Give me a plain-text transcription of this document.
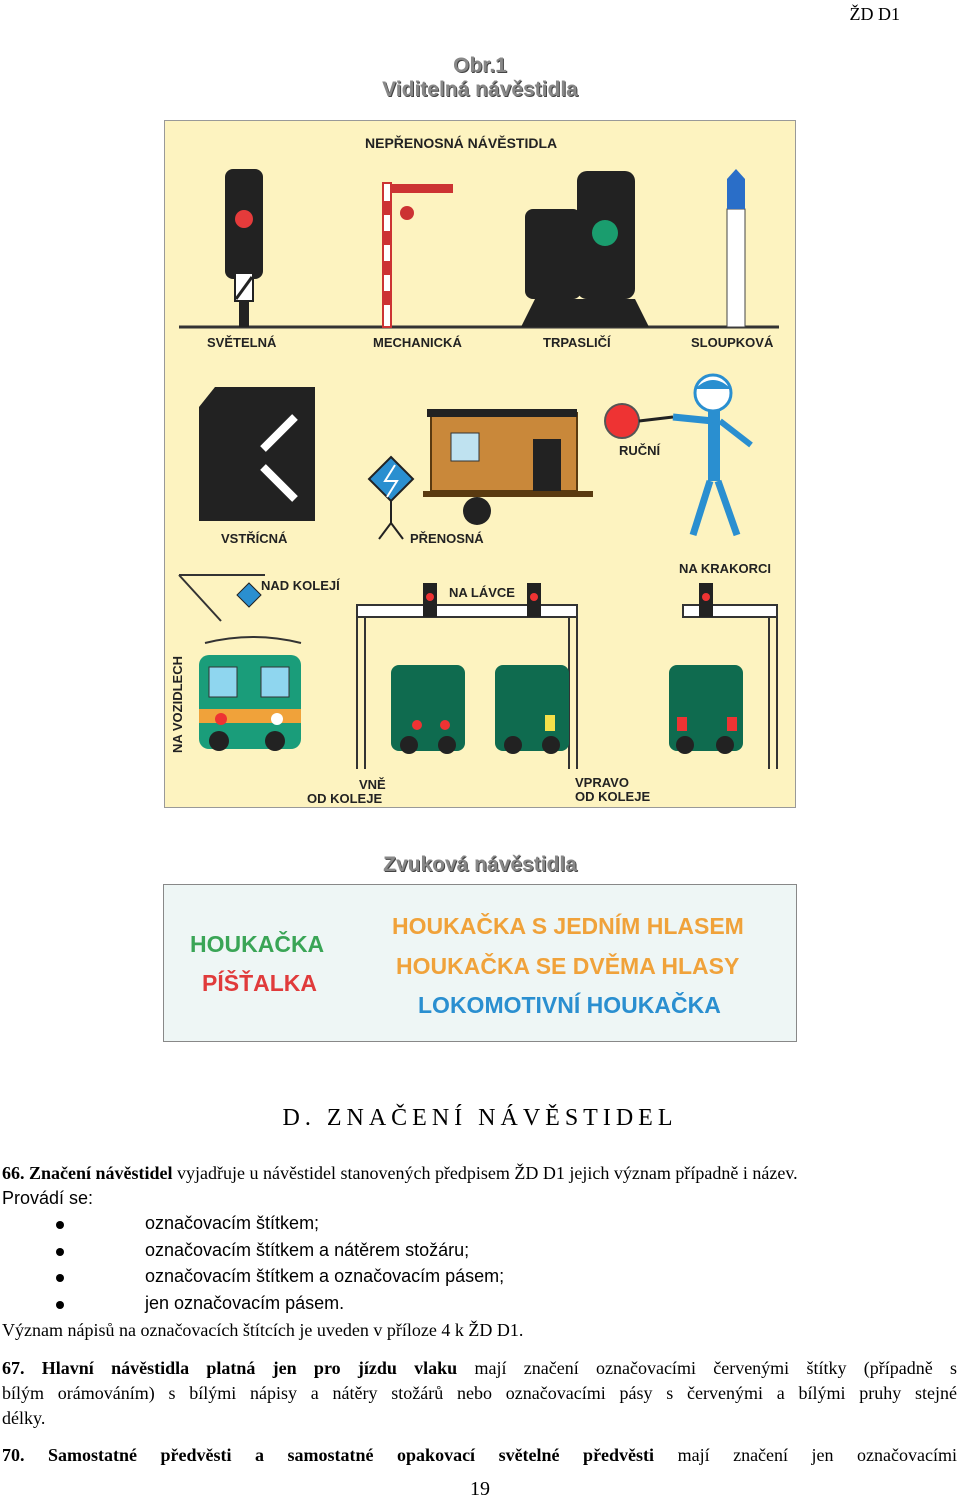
ŽD D1
Obr.1
Viditelná návěstidla
NEPŘENOSNÁ NÁVĚSTIDLA
SVĚTELNÁ	MECHANICKÁ	TRPASLIČÍ	SLOUPKOVÁ
VSTŘÍCNÁ	PŘENOSNÁ
RUČNÍ
NAD KOLEJÍ	NA LÁVCE
NA KRAKORCI
NA VOZIDLECH
VNĚ
OD KOLEJE
VPRAVO
OD KOLEJE
Zvuková návěstidla
HOUKAČKA
PÍŠŤALKA
HOUKAČKA S JEDNÍM HLASEM
HOUKAČKA SE DVĚMA HLASY
LOKOMOTIVNÍ HOUKAČKA
D. ZNAČENÍ NÁVĚSTIDEL
66. Značení návěstidel vyjadřuje u návěstidel stanovených předpisem ŽD D1 jejich význam případně i název.
Provádí se:
označovacím štítkem;
označovacím štítkem a nátěrem stožáru;
označovacím štítkem a označovacím pásem;
jen označovacím pásem.
Význam nápisů na označovacích štítcích je uveden v příloze 4 k ŽD D1.
67. Hlavní návěstidla platná jen pro jízdu vlaku mají značení označovacími červenými štítky (případně s
bílým orámováním) s bílými nápisy a nátěry stožárů nebo označovacími pásy s červenými a bílými pruhy stejné
délky.
70. Samostatné předvěsti a samostatné opakovací světelné předvěsti mají značení jen označovacími
19
